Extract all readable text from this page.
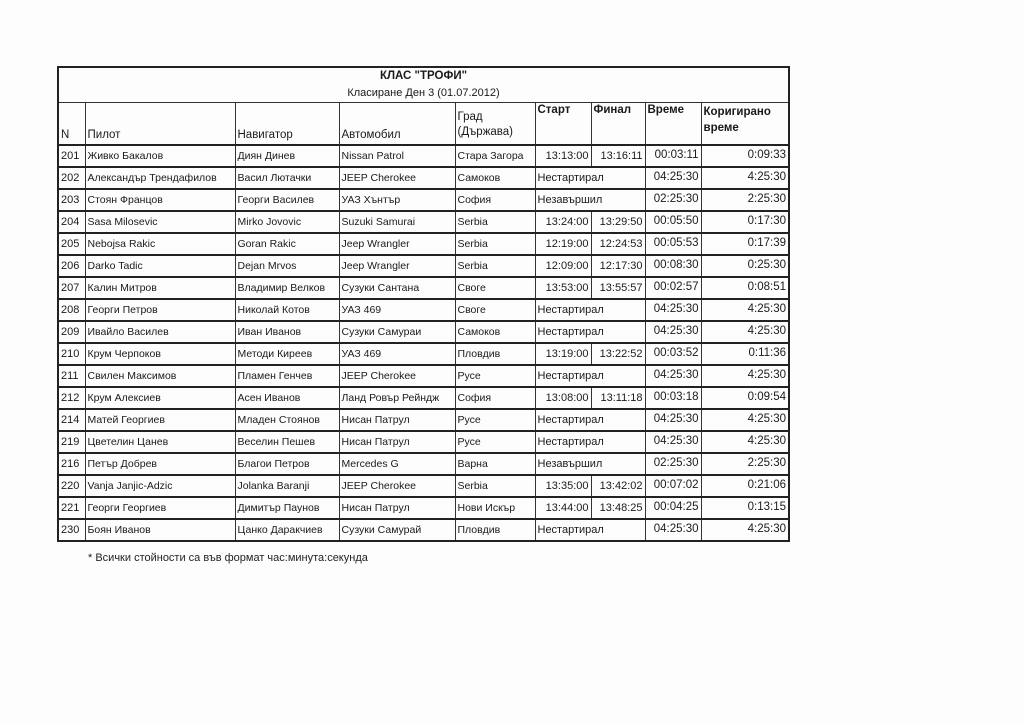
КЛАС "ТРОФИ"								
Класиране Ден 3 (01.07.2012)								
N	Пилот	Навигатор	Автомобил	Град (Държава)	Старт	Финал	Време	Коригирано време
201	Живко Бакалов	Диян Динев	Nissan Patrol	Стара Загора	13:13:00	13:16:11	00:03:11	0:09:33
202	Александър Трендафилов	Васил Лютачки	JEEP Cherokee	Самоков	Нестартирал		04:25:30	4:25:30
203	Стоян Францов	Георги Василев	УАЗ Хънтър	София	Незавършил		02:25:30	2:25:30
204	Sasa Milosevic	Mirko Jovovic	Suzuki Samurai	Serbia	13:24:00	13:29:50	00:05:50	0:17:30
205	Nebojsa Rakic	Goran Rakic	Jeep Wrangler	Serbia	12:19:00	12:24:53	00:05:53	0:17:39
206	Darko Tadic	Dejan Mrvos	Jeep Wrangler	Serbia	12:09:00	12:17:30	00:08:30	0:25:30
207	Калин Митров	Владимир Велков	Сузуки Сантана	Своге	13:53:00	13:55:57	00:02:57	0:08:51
208	Георги Петров	Николай Котов	УАЗ 469	Своге	Нестартирал		04:25:30	4:25:30
209	Ивайло Василев	Иван Иванов	Сузуки Самураи	Самоков	Нестартирал		04:25:30	4:25:30
210	Крум Черпоков	Методи Киреев	УАЗ 469	Пловдив	13:19:00	13:22:52	00:03:52	0:11:36
211	Свилен Максимов	Пламен Генчев	JEEP Cherokee	Русе	Нестартирал		04:25:30	4:25:30
212	Крум Алексиев	Асен Иванов	Ланд Ровър Рейндж	София	13:08:00	13:11:18	00:03:18	0:09:54
214	Матей Георгиев	Младен Стоянов	Нисан Патрул	Русе	Нестартирал		04:25:30	4:25:30
219	Цветелин Цанев	Веселин Пешев	Нисан Патрул	Русе	Нестартирал		04:25:30	4:25:30
216	Петър Добрев	Благои Петров	Mercedes G	Варна	Незавършил		02:25:30	2:25:30
220	Vanja Janjic-Adzic	Jolanka Baranji	JEEP Cherokee	Serbia	13:35:00	13:42:02	00:07:02	0:21:06
221	Георги Георгиев	Димитър Паунов	Нисан Патрул	Нови Искър	13:44:00	13:48:25	00:04:25	0:13:15
230	Боян Иванов	Цанко Даракчиев	Сузуки Самурай	Пловдив	Нестартирал		04:25:30	4:25:30
* Всички стойности са във формат час:минута:секунда
